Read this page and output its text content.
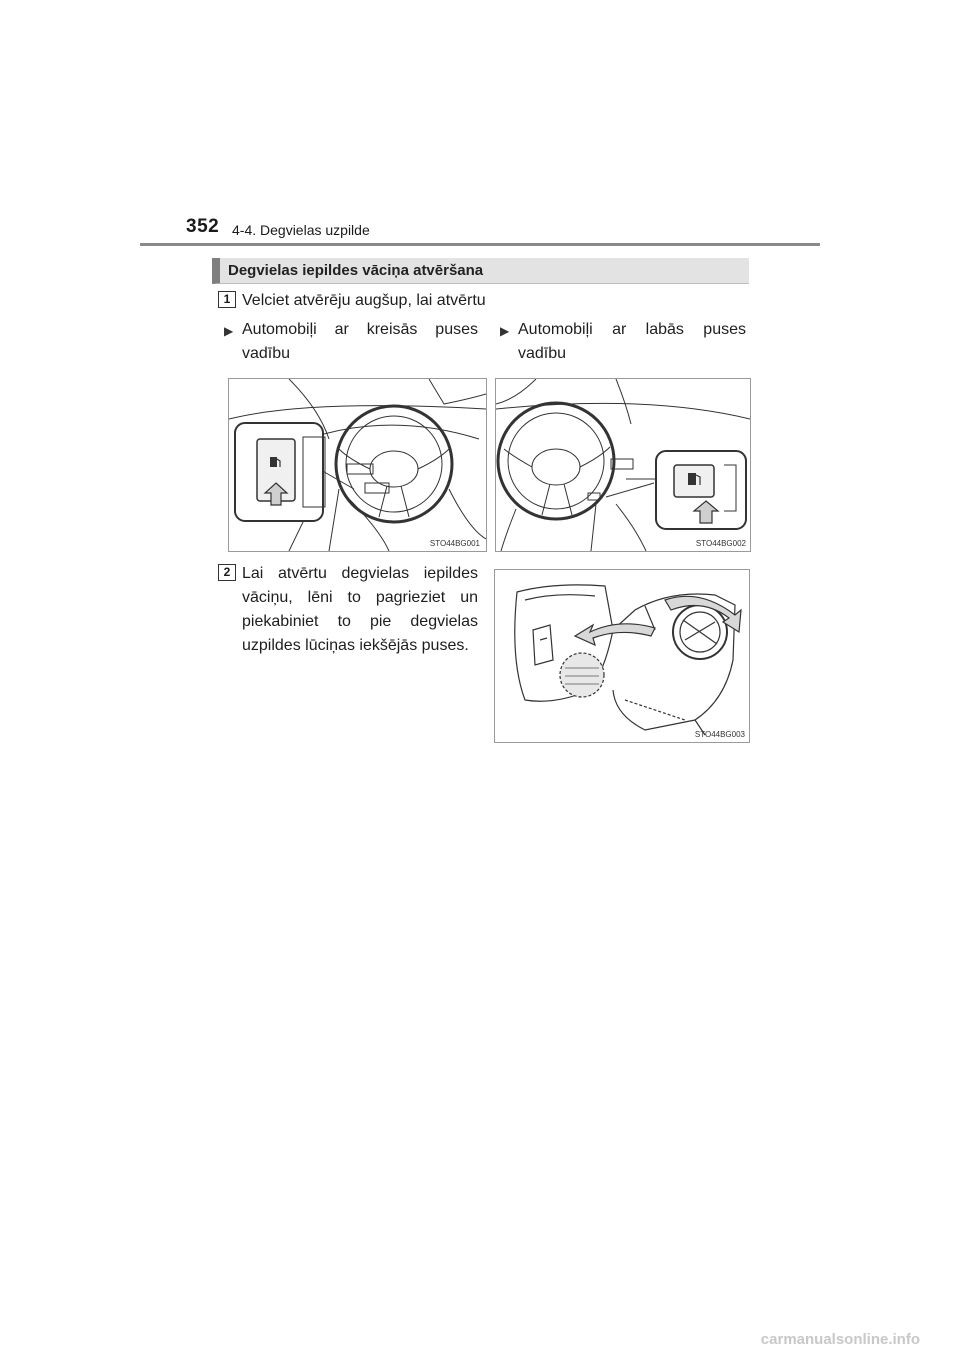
352 4-4. Degvielas uzpilde
Degvielas iepildes vāciņa atvēršana
1 Velciet atvērēju augšup, lai atvērtu
▶ Automobiļi ar kreisās puses vadību
▶ Automobiļi ar labās puses vadību
STO44BG001	STO44BG002
2 Lai atvērtu degvielas iepildes vāciņu, lēni to pagrieziet un piekabiniet to pie degvielas uzpildes lūciņas iekšējās puses.
STO44BG003
carmanualsonline.info
